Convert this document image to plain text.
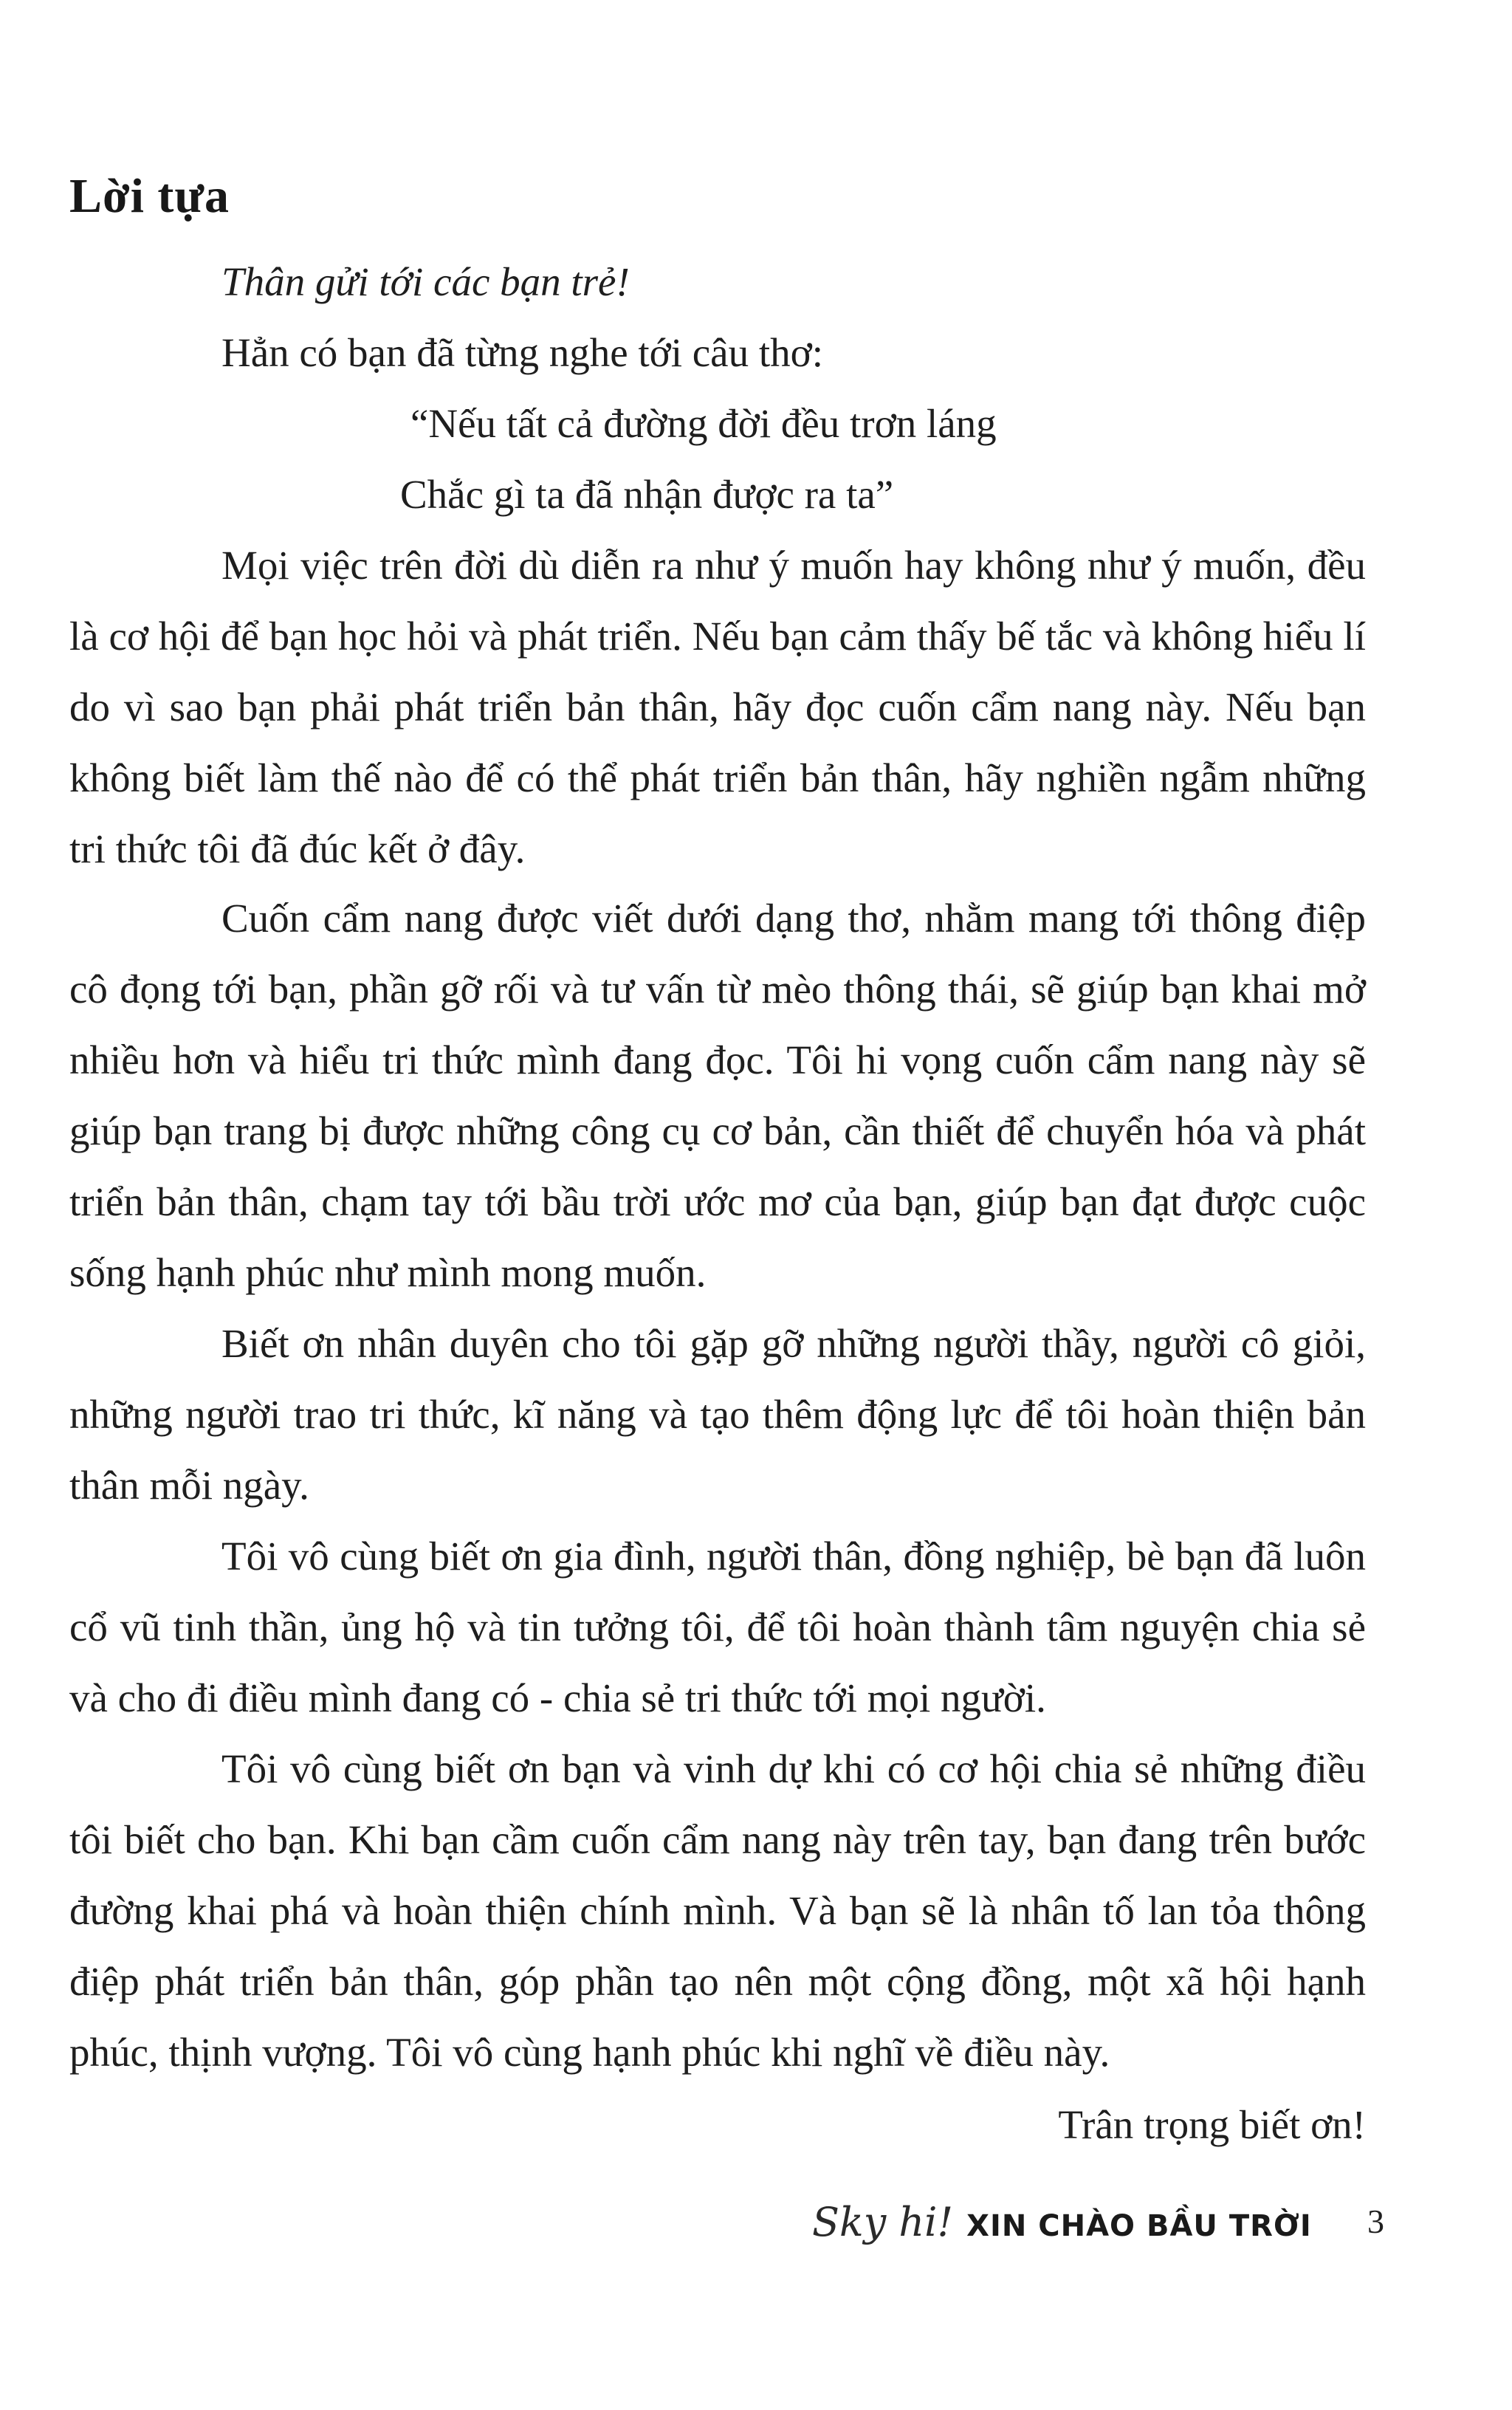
Lời tựa

Thân gửi tới các bạn trẻ!

Hẳn có bạn đã từng nghe tới câu thơ:

“Nếu tất cả đường đời đều trơn láng

Chắc gì ta đã nhận được ra ta”

Mọi việc trên đời dù diễn ra như ý muốn hay không như ý muốn, đều là cơ hội để bạn học hỏi và phát triển. Nếu bạn cảm thấy bế tắc và không hiểu lí do vì sao bạn phải phát triển bản thân, hãy đọc cuốn cẩm nang này. Nếu bạn không biết làm thế nào để có thể phát triển bản thân, hãy nghiền ngẫm những tri thức tôi đã đúc kết ở đây.

Cuốn cẩm nang được viết dưới dạng thơ, nhằm mang tới thông điệp cô đọng tới bạn, phần gỡ rối và tư vấn từ mèo thông thái, sẽ giúp bạn khai mở nhiều hơn và hiểu tri thức mình đang đọc. Tôi hi vọng cuốn cẩm nang này sẽ giúp bạn trang bị được những công cụ cơ bản, cần thiết để chuyển hóa và phát triển bản thân, chạm tay tới bầu trời ước mơ của bạn, giúp bạn đạt được cuộc sống hạnh phúc như mình mong muốn.

Biết ơn nhân duyên cho tôi gặp gỡ những người thầy, người cô giỏi, những người trao tri thức, kĩ năng và tạo thêm động lực để tôi hoàn thiện bản thân mỗi ngày.

Tôi vô cùng biết ơn gia đình, người thân, đồng nghiệp, bè bạn đã luôn cổ vũ tinh thần, ủng hộ và tin tưởng tôi, để tôi hoàn thành tâm nguyện chia sẻ và cho đi điều mình đang có - chia sẻ tri thức tới mọi người.

Tôi vô cùng biết ơn bạn và vinh dự khi có cơ hội chia sẻ những điều tôi biết cho bạn. Khi bạn cầm cuốn cẩm nang này trên tay, bạn đang trên bước đường khai phá và hoàn thiện chính mình. Và bạn sẽ là nhân tố lan tỏa thông điệp phát triển bản thân, góp phần tạo nên một cộng đồng, một xã hội hạnh phúc, thịnh vượng. Tôi vô cùng hạnh phúc khi nghĩ về điều này.

Trân trọng biết ơn!

Sky hi! XIN CHÀO BẦU TRỜI 3
